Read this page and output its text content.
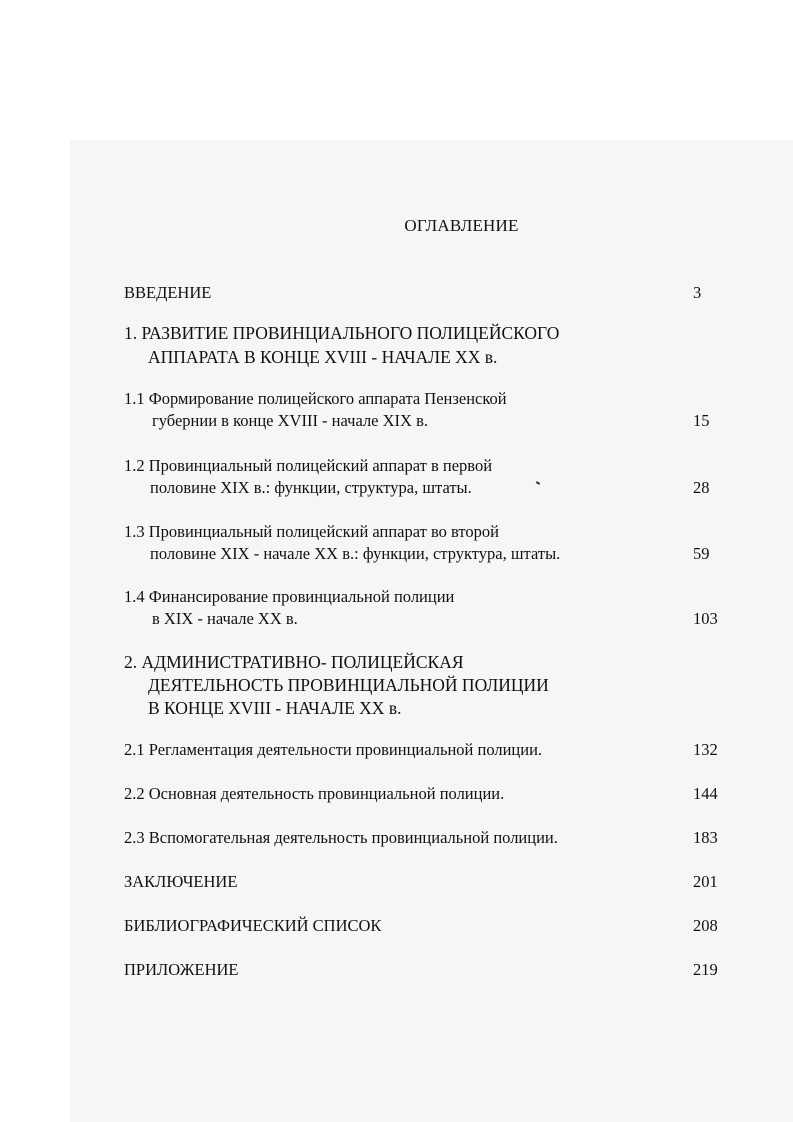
ОГЛАВЛЕНИЕ
ВВЕДЕНИЕ	3
1. РАЗВИТИЕ ПРОВИНЦИАЛЬНОГО ПОЛИЦЕЙСКОГО
АППАРАТА В КОНЦЕ XVIII - НАЧАЛЕ XX в.
1.1 Формирование полицейского аппарата Пензенской
губернии в конце XVIII - начале XIX в.	15
1.2 Провинциальный полицейский аппарат в первой
половине XIX в.: функции, структура, штаты.	28
1.3 Провинциальный полицейский аппарат во второй
половине XIX - начале XX в.: функции, структура, штаты.	59
1.4 Финансирование провинциальной полиции
в XIX - начале XX в.	103
2. АДМИНИСТРАТИВНО- ПОЛИЦЕЙСКАЯ
ДЕЯТЕЛЬНОСТЬ ПРОВИНЦИАЛЬНОЙ ПОЛИЦИИ
В КОНЦЕ XVIII - НАЧАЛЕ XX в.
2.1 Регламентация деятельности провинциальной полиции.	132
2.2 Основная деятельность провинциальной полиции.	144
2.3 Вспомогательная деятельность провинциальной полиции.	183
ЗАКЛЮЧЕНИЕ	201
БИБЛИОГРАФИЧЕСКИЙ СПИСОК	208
ПРИЛОЖЕНИЕ	219
